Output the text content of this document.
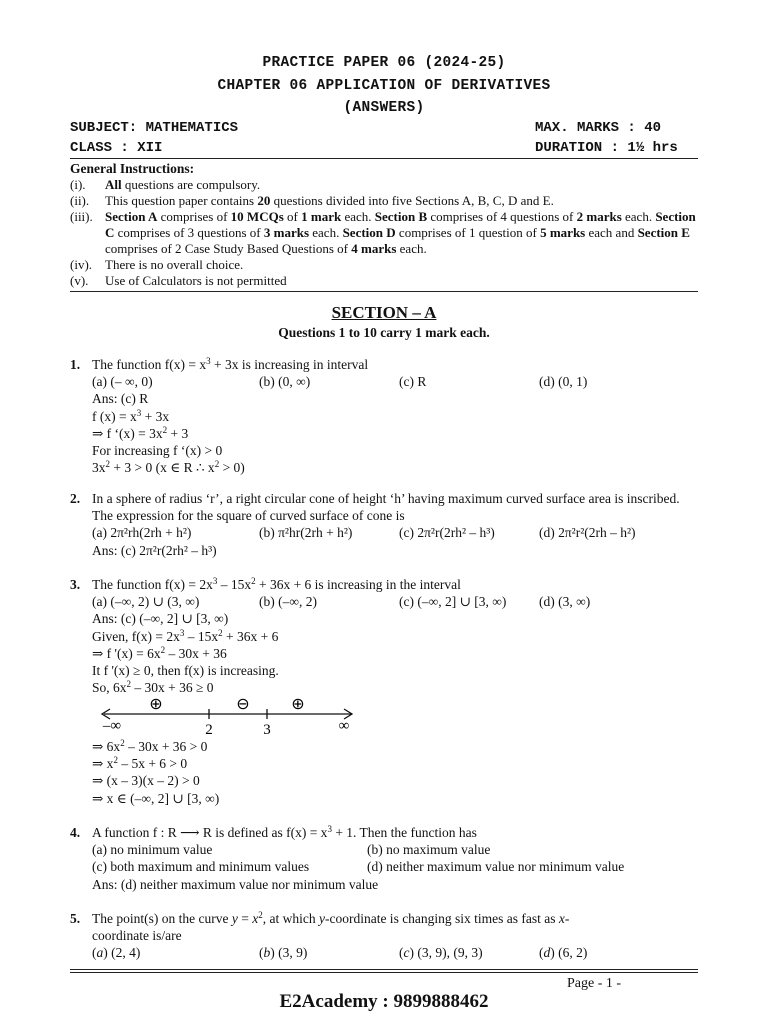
PRACTICE PAPER 06 (2024-25)
CHAPTER 06 APPLICATION OF DERIVATIVES
(ANSWERS)
SUBJECT: MATHEMATICS	MAX. MARKS : 40
CLASS : XII	DURATION : 1½ hrs
General Instructions:
(i).	All questions are compulsory.
(ii).	This question paper contains 20 questions divided into five Sections A, B, C, D and E.
(iii). Section A comprises of 10 MCQs of 1 mark each. Section B comprises of 4 questions of 2 marks each. Section C comprises of 3 questions of 3 marks each. Section D comprises of 1 question of 5 marks each and Section E comprises of 2 Case Study Based Questions of 4 marks each.
(iv). There is no overall choice.
(v).	Use of Calculators is not permitted
SECTION – A
Questions 1 to 10 carry 1 mark each.
1. The function $f(x) = x^3 + 3x$ is increasing in interval
(a) (– ∞, 0)	(b) (0, ∞)	(c) R	(d) (0, 1)
Ans: (c) R
f $(x) = x^3 + 3x$
⇒ f ‘$(x) = 3x^2 + 3$
For increasing f ‘(x) > 0
$3x^2 + 3 > 0$ (x ∈ R ∴ $x^2 > 0$)
2. In a sphere of radius ‘r’, a right circular cone of height ‘h’ having maximum curved surface area is inscribed. The expression for the square of curved surface of cone is
(a) 2π²rh(2rh + h²)	(b) π²hr(2rh + h²)	(c) 2π²r(2rh² – h³)	(d) 2π²r²(2rh – h²)
Ans: (c) 2π²r(2rh² – h³)
3. The function $f(x) = 2x^3 - 15x^2 + 36x + 6$ is increasing in the interval
(a) (–∞, 2) ∪ (3, ∞)	(b) (–∞, 2)	(c) (–∞, 2] ∪ [3, ∞)	(d) (3, ∞)
Ans: (c) (–∞, 2] ∪ [3, ∞)
Given, $f(x) = 2x^3 - 15x^2 + 36x + 6$
⇒ f '$(x) = 6x^2 - 30x + 36$
It f '(x) ≥ 0, then f(x) is increasing.
So, $6x^2 - 30x + 36 \ge 0$
⊕	⊖	⊕
–∞	2	3	∞
⇒ $6x^2 - 30x + 36 > 0$
⇒ $x^2 - 5x + 6 > 0$
⇒ (x – 3)(x – 2) > 0
⇒ x ∈ (–∞, 2] ∪ [3, ∞)
4. A function f : R ⟶ R is defined as $f(x) = x^3 + 1$. Then the function has
(a) no minimum value	(b) no maximum value
(c) both maximum and minimum values	(d) neither maximum value nor minimum value
Ans: (d) neither maximum value nor minimum value
5. The point(s) on the curve $y = x^2$, at which y-coordinate is changing six times as fast as x-
coordinate is/are
(a) (2, 4)	(b) (3, 9)	(c) (3, 9), (9, 3)	(d) (6, 2)
Page - 1 -
E2Academy : 9899888462
